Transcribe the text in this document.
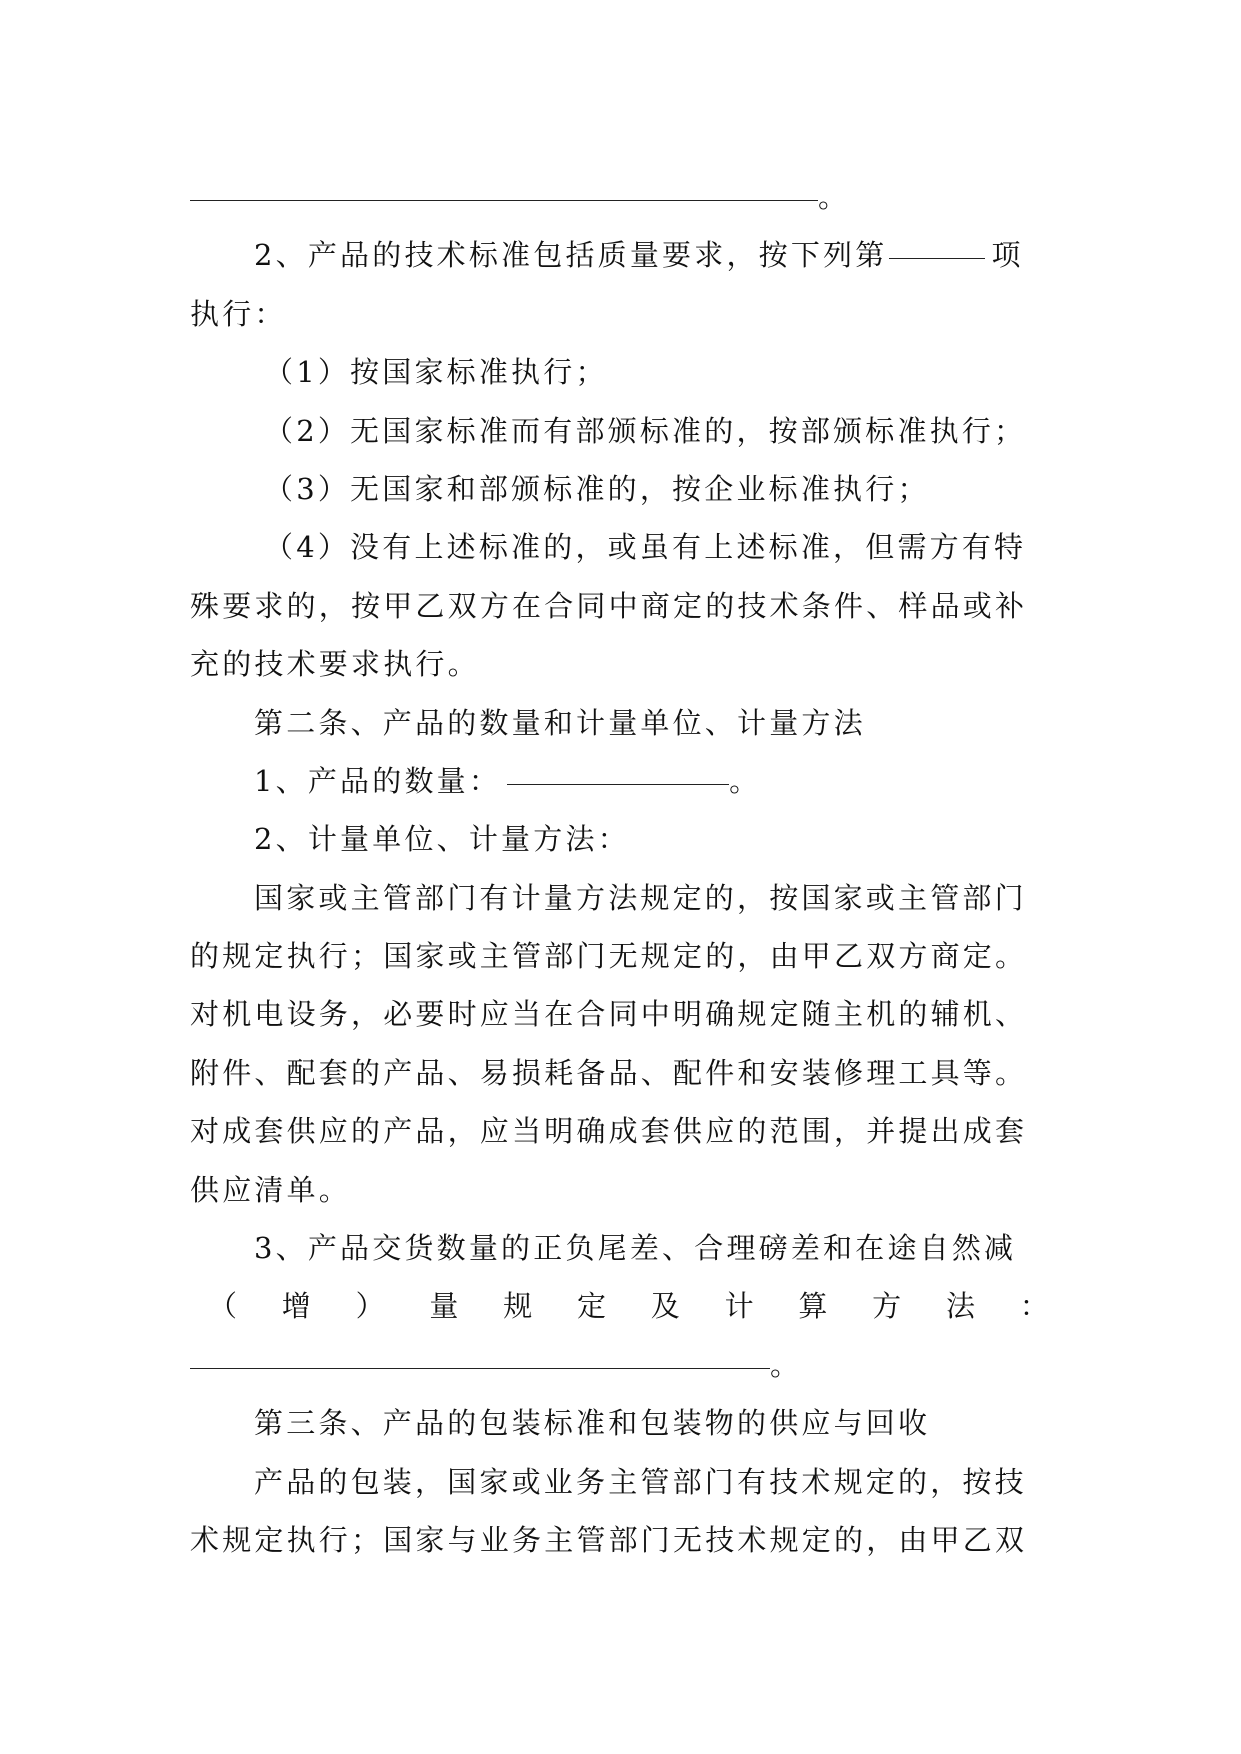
。
2、产品的技术标准包括质量要求，按下列第	项
执行：
（1）按国家标准执行；
（2）无国家标准而有部颁标准的，按部颁标准执行；
（3）无国家和部颁标准的，按企业标准执行；
（4）没有上述标准的，或虽有上述标准，但需方有特
殊要求的，按甲乙双方在合同中商定的技术条件、样品或补
充的技术要求执行。
第二条、产品的数量和计量单位、计量方法
1、产品的数量：	。
2、计量单位、计量方法：
国家或主管部门有计量方法规定的，按国家或主管部门
的规定执行；国家或主管部门无规定的，由甲乙双方商定。
对机电设务，必要时应当在合同中明确规定随主机的辅机、
附件、配套的产品、易损耗备品、配件和安装修理工具等。
对成套供应的产品，应当明确成套供应的范围，并提出成套
供应清单。
3、产品交货数量的正负尾差、合理磅差和在途自然减
（ 增 ） 量 规 定 及 计 算 方 法 ：
。
第三条、产品的包装标准和包装物的供应与回收
产品的包装，国家或业务主管部门有技术规定的，按技
术规定执行；国家与业务主管部门无技术规定的，由甲乙双
